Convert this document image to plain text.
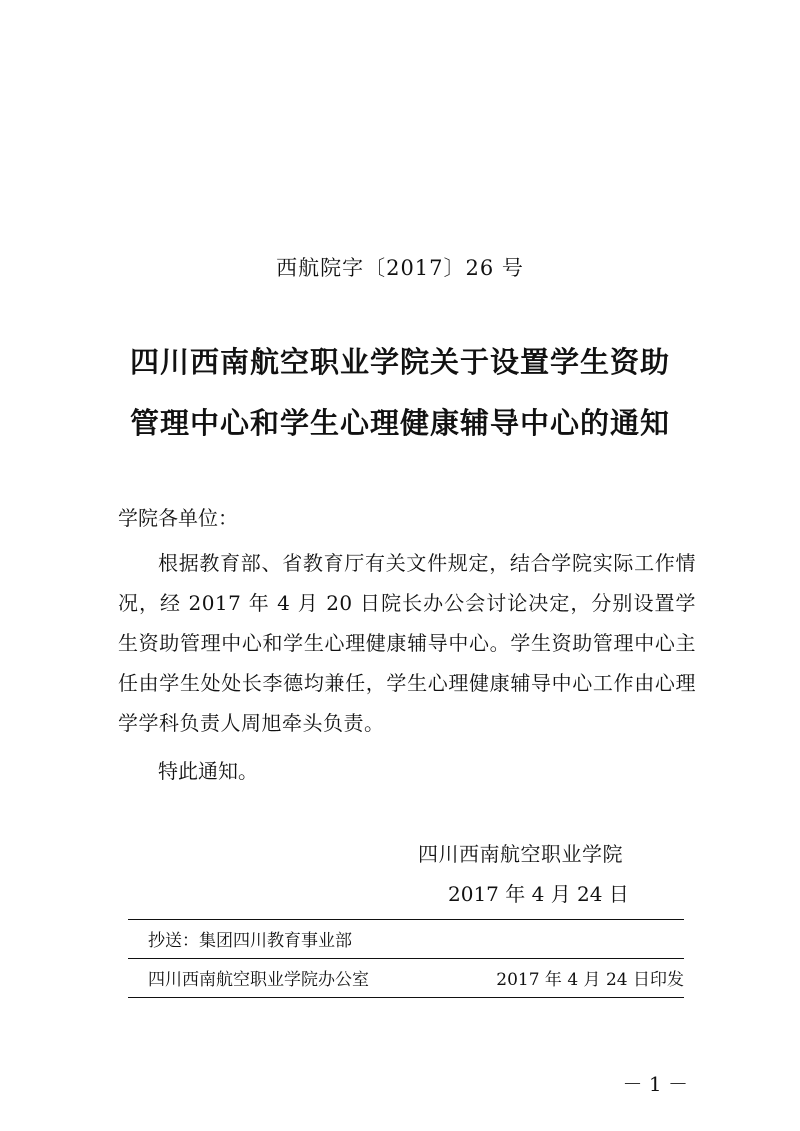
西航院字〔2017〕26 号
四川西南航空职业学院关于设置学生资助
管理中心和学生心理健康辅导中心的通知
学院各单位：
根据教育部、省教育厅有关文件规定，结合学院实际工作情况，经 2017 年 4 月 20 日院长办公会讨论决定，分别设置学生资助管理中心和学生心理健康辅导中心。学生资助管理中心主任由学生处处长李德均兼任，学生心理健康辅导中心工作由心理学学科负责人周旭牵头负责。
特此通知。
四川西南航空职业学院
2017 年 4 月 24 日
抄送：集团四川教育事业部
四川西南航空职业学院办公室	2017 年 4 月 24 日印发
－ 1 －
